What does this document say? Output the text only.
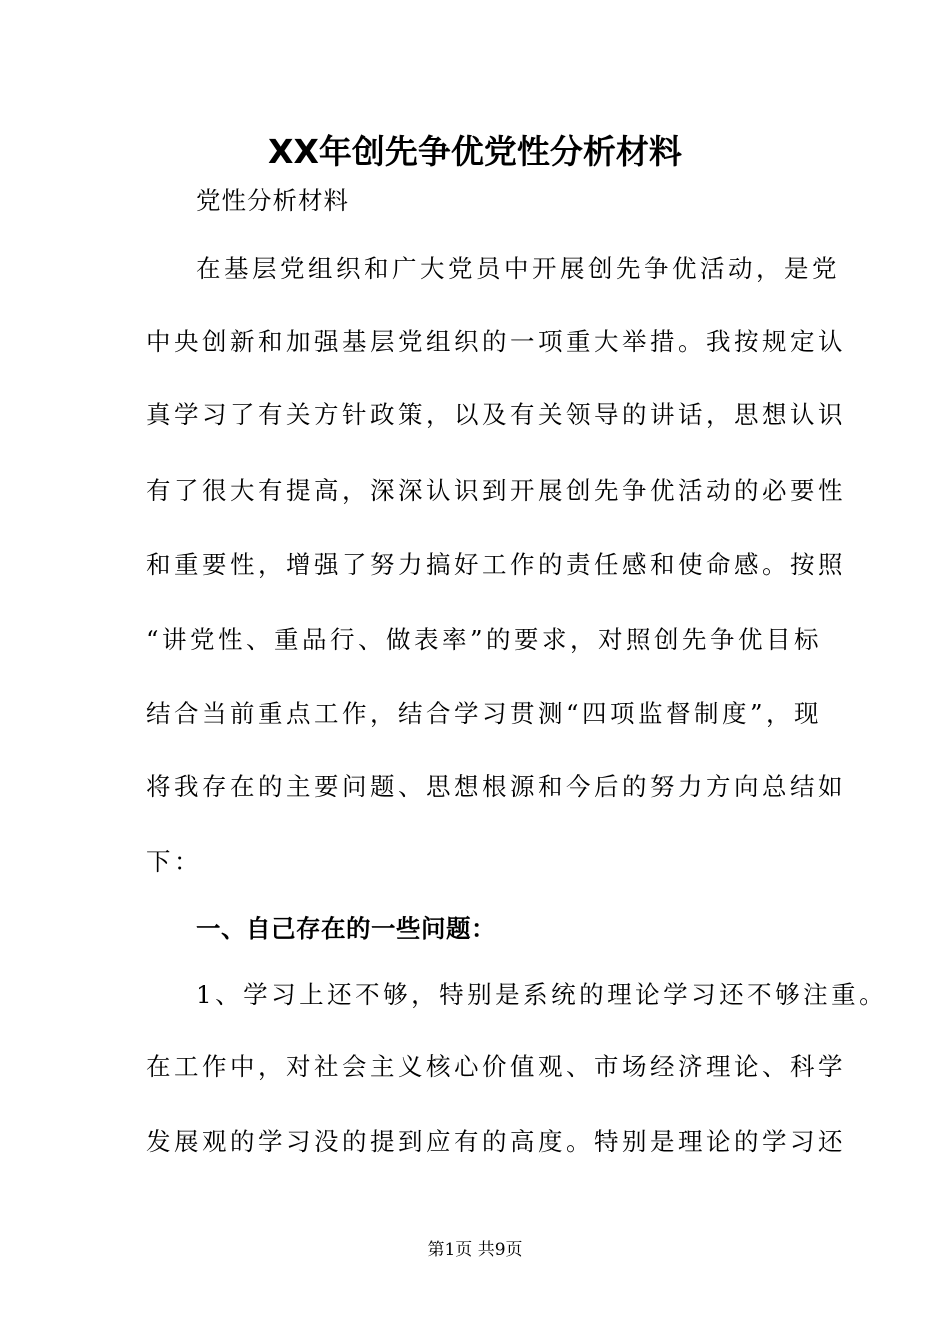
XX年创先争优党性分析材料
党性分析材料
在基层党组织和广大党员中开展创先争优活动，是党
中央创新和加强基层党组织的一项重大举措。我按规定认
真学习了有关方针政策，以及有关领导的讲话，思想认识
有了很大有提高，深深认识到开展创先争优活动的必要性
和重要性，增强了努力搞好工作的责任感和使命感。按照
“讲党性、重品行、做表率”的要求，对照创先争优目标
结合当前重点工作，结合学习贯测“四项监督制度”，现
将我存在的主要问题、思想根源和今后的努力方向总结如
下：
一、自己存在的一些问题：
1、学习上还不够，特别是系统的理论学习还不够注重。
在工作中，对社会主义核心价值观、市场经济理论、科学
发展观的学习没的提到应有的高度。特别是理论的学习还
第1页 共9页
